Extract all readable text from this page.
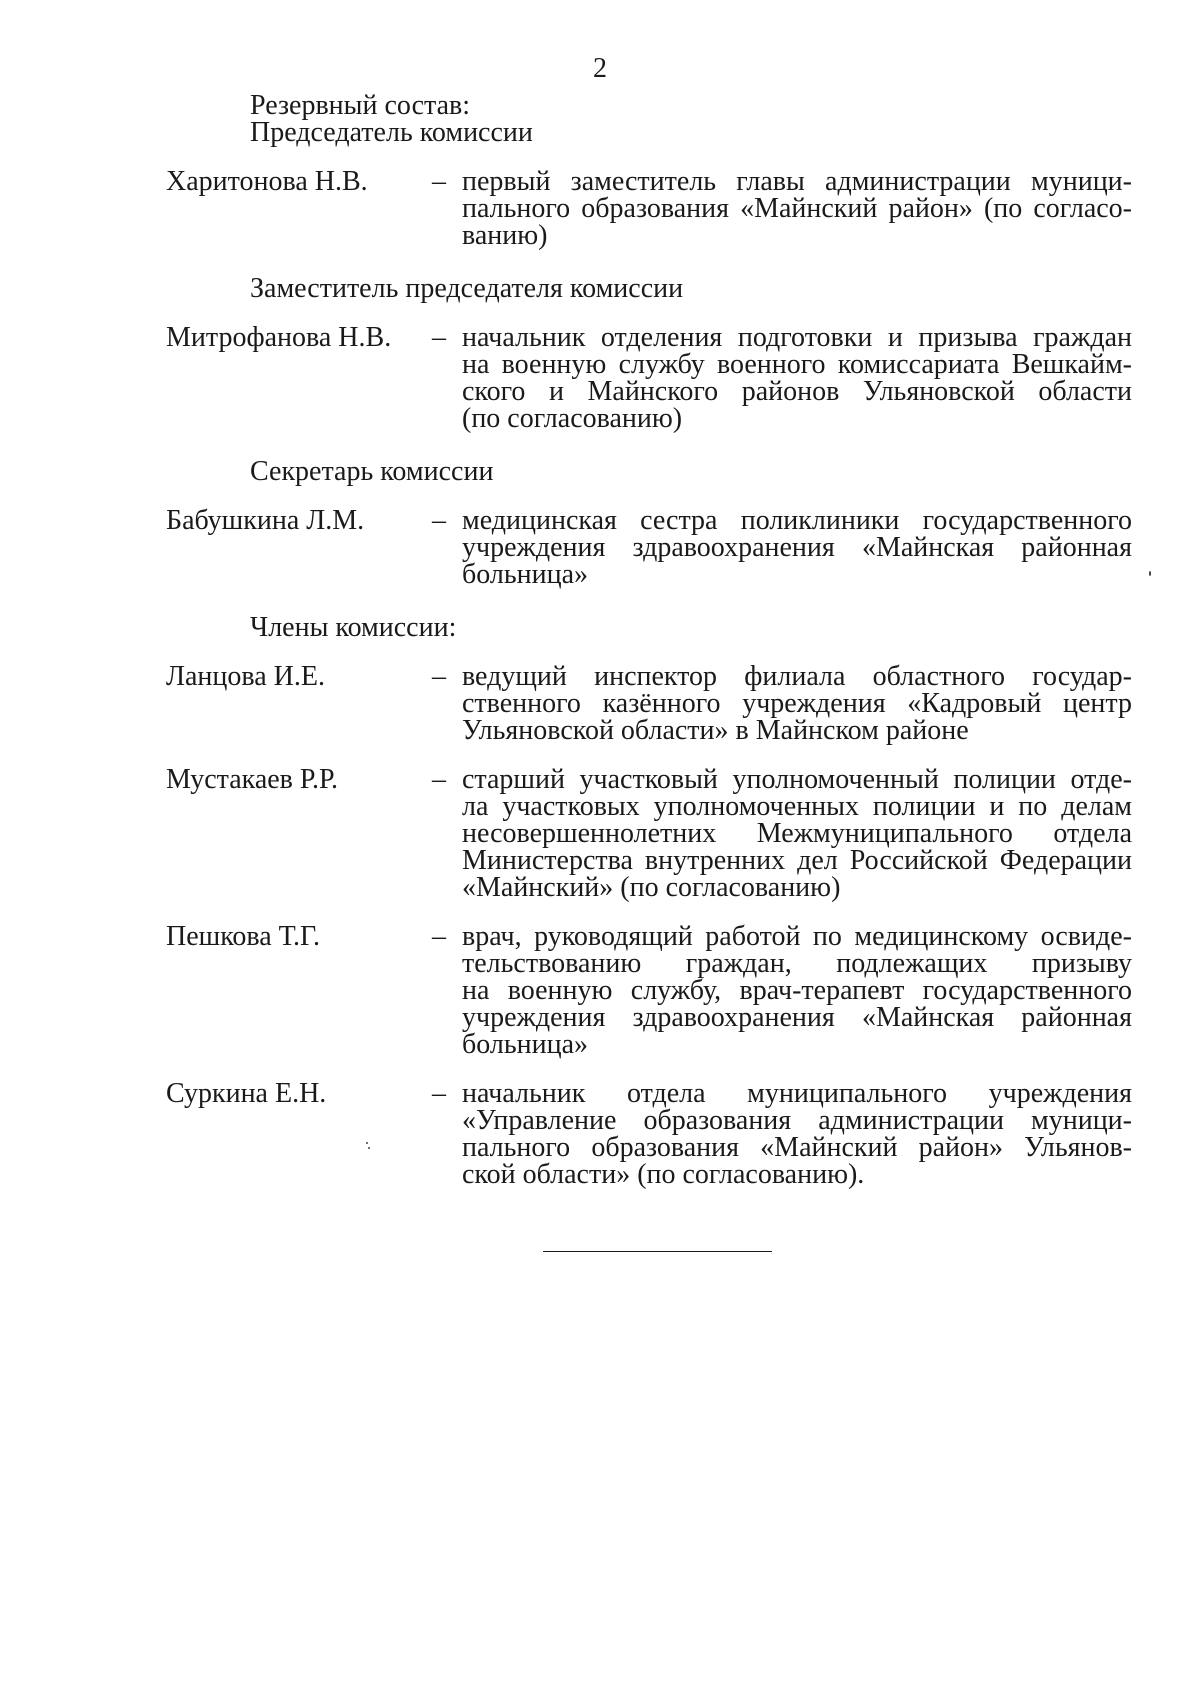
2

Резервный состав:

Председатель комиссии

Харитонова Н.В.	– первый заместитель главы администрации муници-
пального образования «Майнский район» (по согласо-
ванию)

Заместитель председателя комиссии

Митрофанова Н.В.	– начальник отделения подготовки и призыва граждан
на военную службу военного комиссариата Вешкайм-
ского и Майнского районов Ульяновской области
(по согласованию)

Секретарь комиссии

Бабушкина Л.М.	– медицинская сестра поликлиники государственного
учреждения здравоохранения «Майнская районная
больница»

Члены комиссии:

Ланцова И.Е.	– ведущий инспектор филиала областного государ-
ственного казённого учреждения «Кадровый центр
Ульяновской области» в Майнском районе
Мустакаев Р.Р.	– старший участковый уполномоченный полиции отде-
ла участковых уполномоченных полиции и по делам
несовершеннолетних Межмуниципального отдела
Министерства внутренних дел Российской Федерации
«Майнский» (по согласованию)
Пешкова Т.Г.	– врач, руководящий работой по медицинскому освиде-
тельствованию граждан, подлежащих призыву
на военную службу, врач-терапевт государственного
учреждения здравоохранения «Майнская районная
больница»
Суркина Е.Н.	– начальник отдела муниципального учреждения
«Управление образования администрации муници-
пального образования «Майнский район» Ульянов-
ской области» (по согласованию).
